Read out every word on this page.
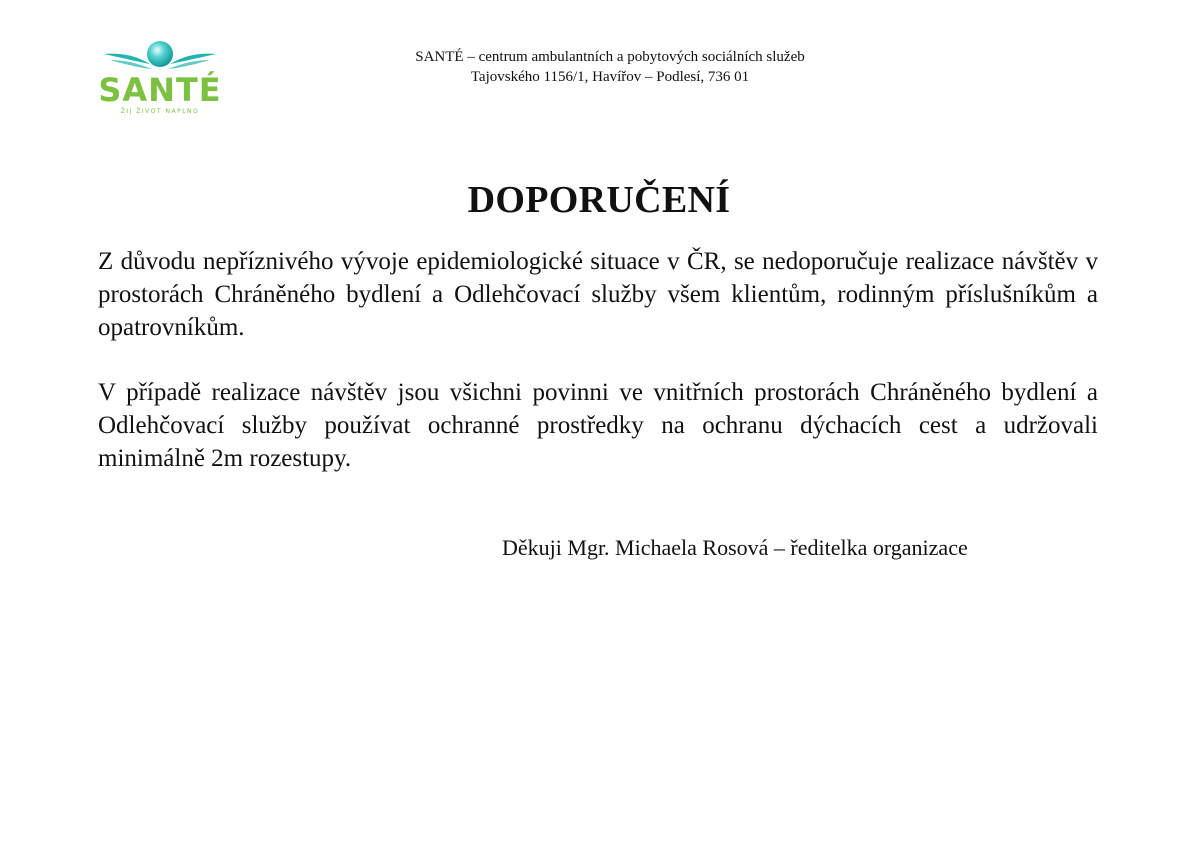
SANTÉ
ŽIJ ŽIVOT NAPLNO
SANTÉ – centrum ambulantních a pobytových sociálních služeb
Tajovského 1156/1, Havířov – Podlesí, 736 01
DOPORUČENÍ

Z důvodu nepříznivého vývoje epidemiologické situace v ČR, se nedoporučuje realizace návštěv v prostorách Chráněného bydlení a Odlehčovací služby všem klientům, rodinným příslušníkům a opatrovníkům.

V případě realizace návštěv jsou všichni povinni ve vnitřních prostorách Chráněného bydlení a Odlehčovací služby používat ochranné prostředky na ochranu dýchacích cest a udržovali minimálně 2m rozestupy.

Děkuji Mgr. Michaela Rosová – ředitelka organizace
